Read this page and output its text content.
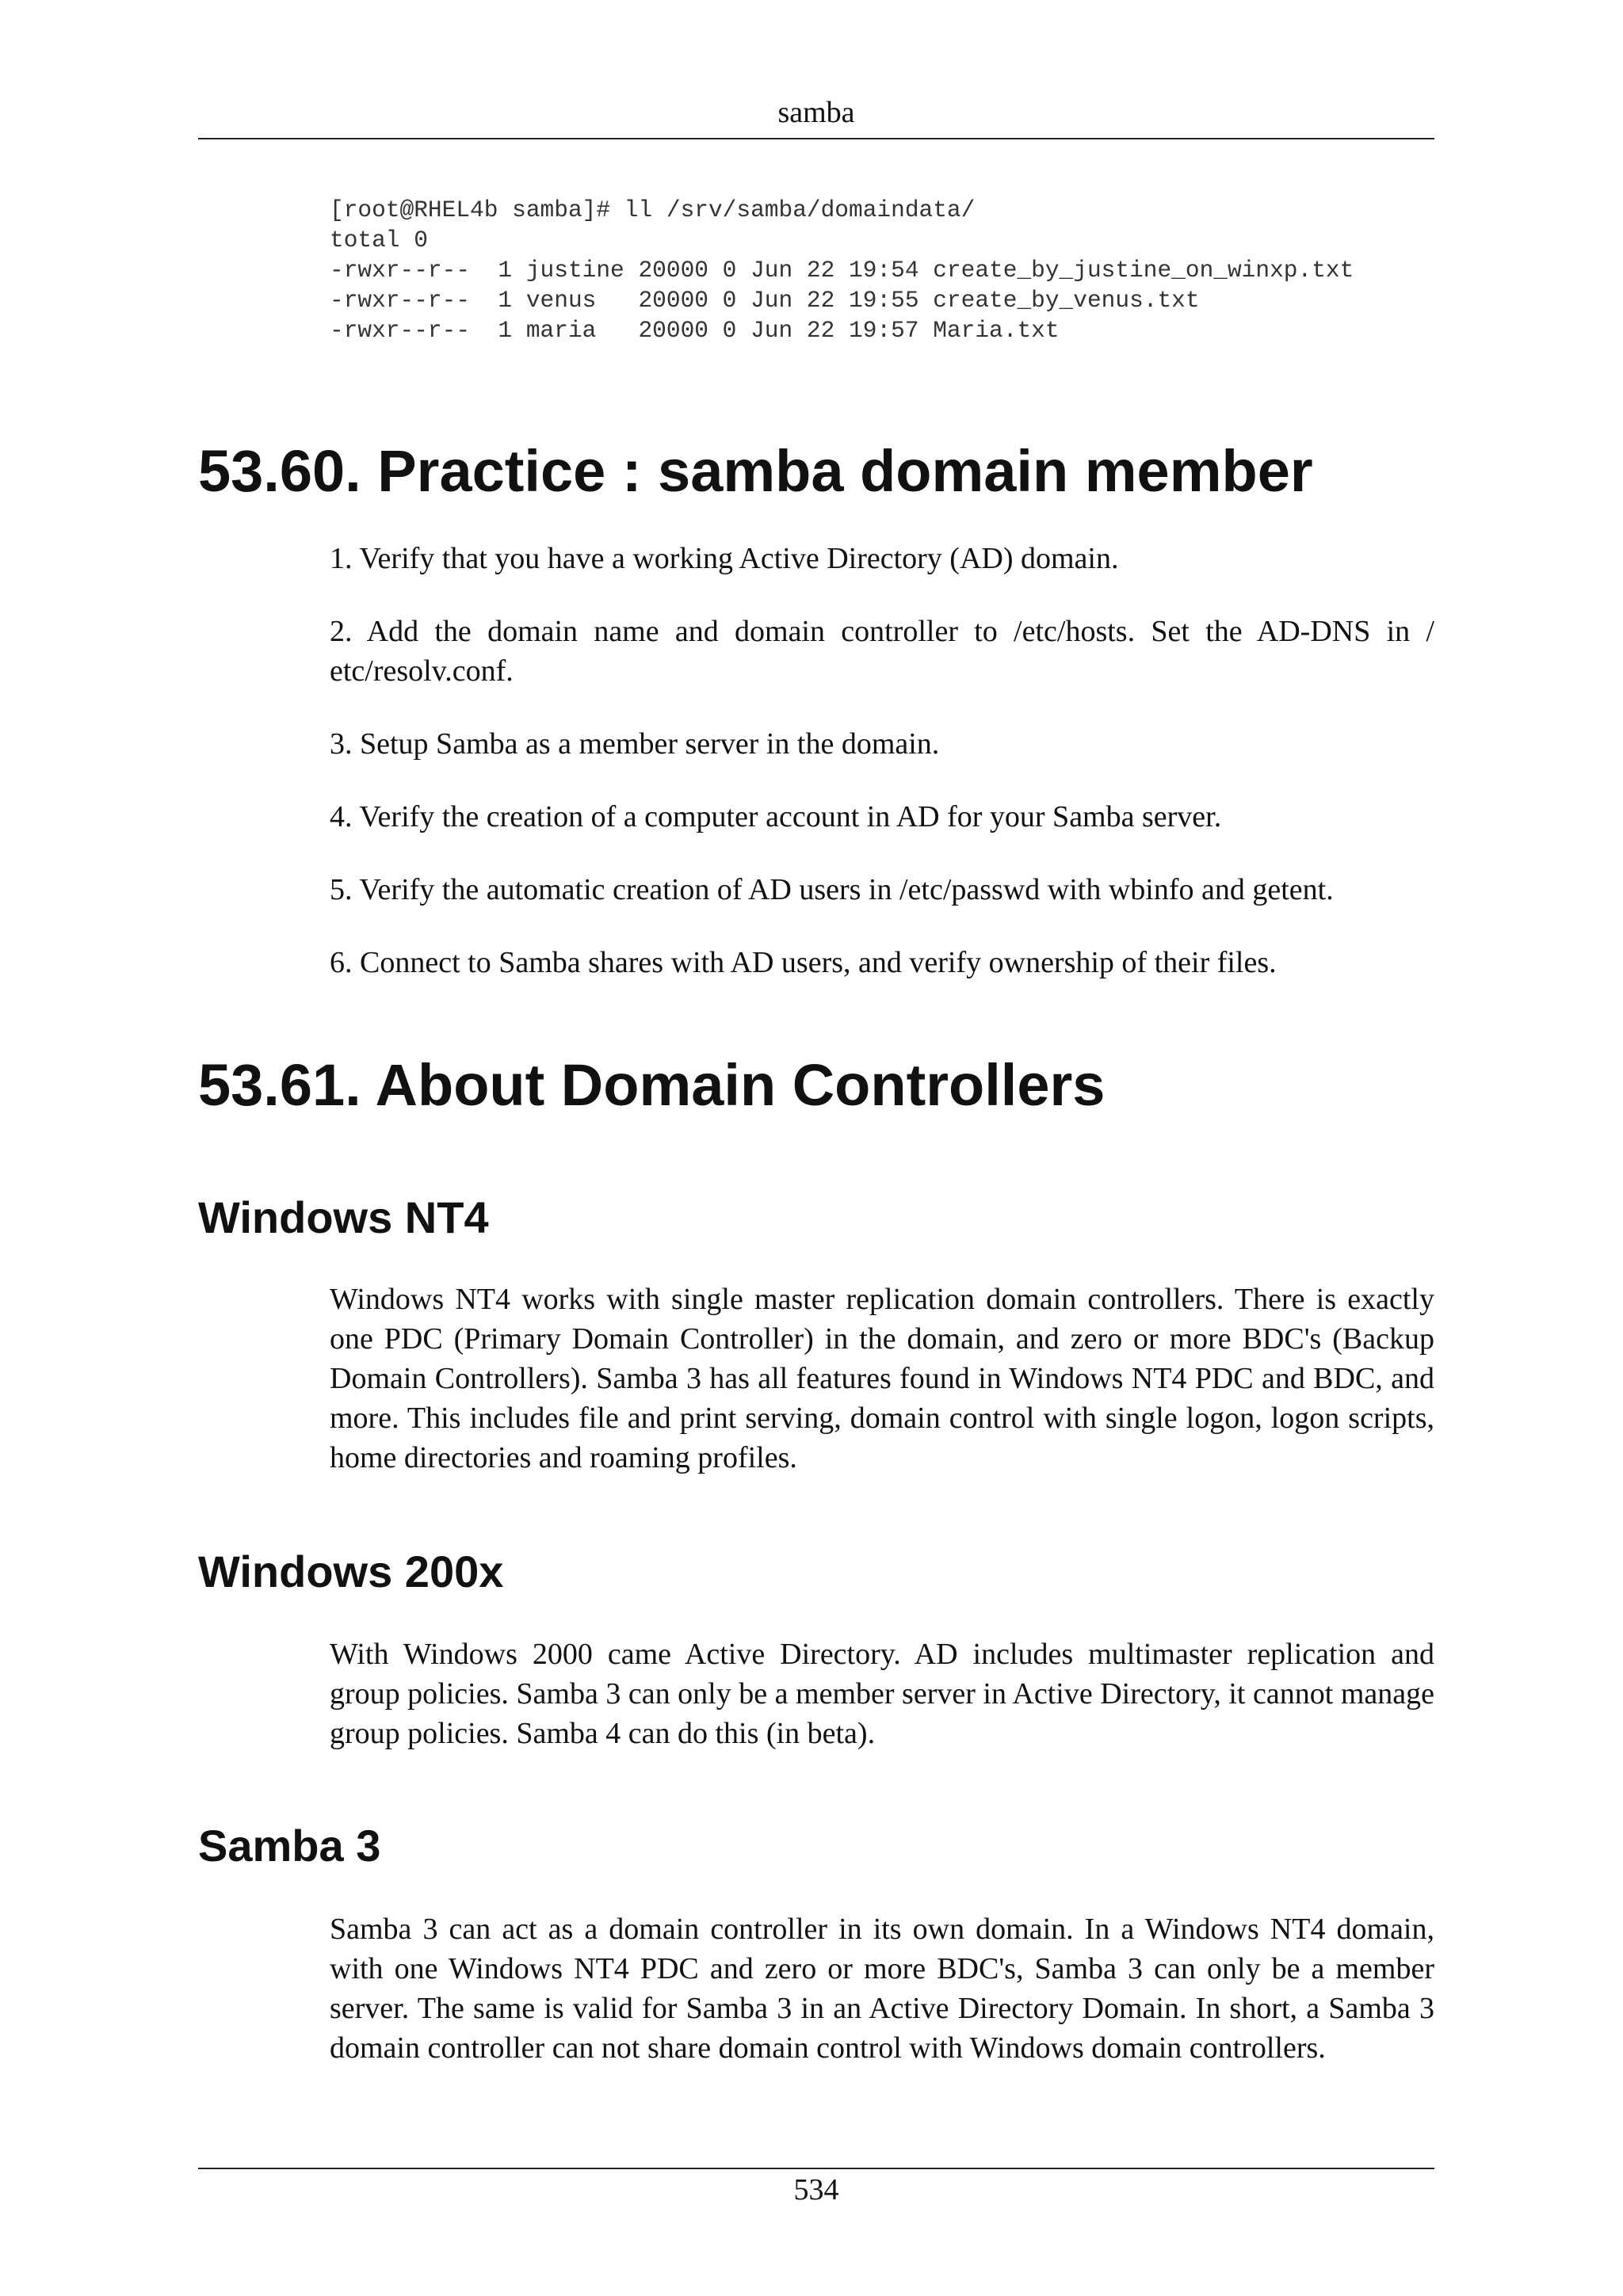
samba
[root@RHEL4b samba]# ll /srv/samba/domaindata/
total 0
-rwxr--r--  1 justine 20000 0 Jun 22 19:54 create_by_justine_on_winxp.txt
-rwxr--r--  1 venus   20000 0 Jun 22 19:55 create_by_venus.txt
-rwxr--r--  1 maria   20000 0 Jun 22 19:57 Maria.txt
53.60. Practice : samba domain member

1. Verify that you have a working Active Directory (AD) domain.

2. Add the domain name and domain controller to /etc/hosts. Set the AD-DNS in / etc/resolv.conf.

3. Setup Samba as a member server in the domain.

4. Verify the creation of a computer account in AD for your Samba server.

5. Verify the automatic creation of AD users in /etc/passwd with wbinfo and getent.

6. Connect to Samba shares with AD users, and verify ownership of their files.

53.61. About Domain Controllers
Windows NT4

Windows NT4 works with single master replication domain controllers. There is exactly one PDC (Primary Domain Controller) in the domain, and zero or more BDC's (Backup Domain Controllers). Samba 3 has all features found in Windows NT4 PDC and BDC, and more. This includes file and print serving, domain control with single logon, logon scripts, home directories and roaming profiles.

Windows 200x

With Windows 2000 came Active Directory. AD includes multimaster replication and group policies. Samba 3 can only be a member server in Active Directory, it cannot manage group policies. Samba 4 can do this (in beta).

Samba 3

Samba 3 can act as a domain controller in its own domain. In a Windows NT4 domain, with one Windows NT4 PDC and zero or more BDC's, Samba 3 can only be a member server. The same is valid for Samba 3 in an Active Directory Domain. In short, a Samba 3 domain controller can not share domain control with Windows domain controllers.

534
